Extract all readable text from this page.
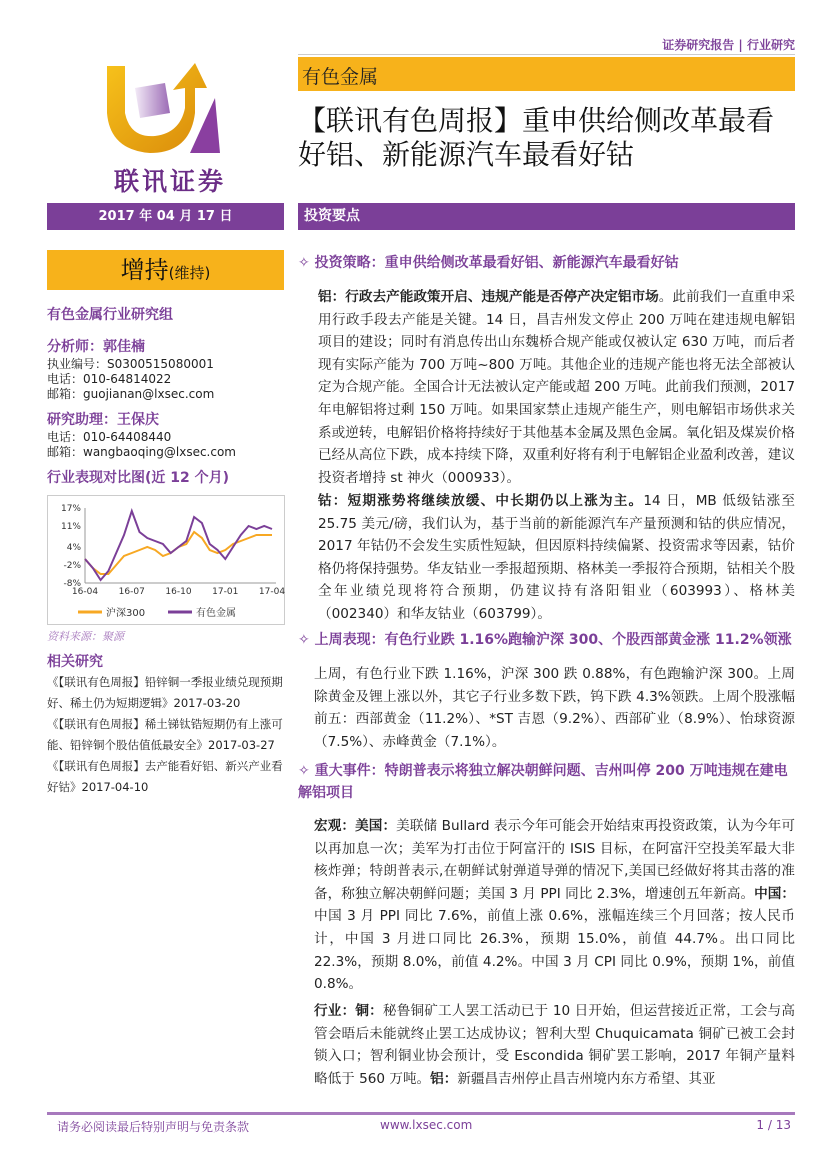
证券研究报告 | 行业研究
联讯证券
有色金属
【联讯有色周报】重申供给侧改革最看好铝、新能源汽车最看好钴
2017 年 04 月 17 日	投资要点
增持(维持)
有色金属行业研究组
分析师：郭佳楠
执业编号：S0300515080001
电话：010-64814022
邮箱：guojianan@lxsec.com
研究助理：王保庆
电话：010-64408440
邮箱：wangbaoqing@lxsec.com
行业表现对比图(近 12 个月)
17%
11%
4%
-2%
-8%
16-04 16-07 16-10 17-01 17-04
沪深300	有色金属
资料来源：聚源
相关研究
《【联讯有色周报】铅锌铜一季报业绩兑现预期好、稀土仍为短期逻辑》2017-03-20
《【联讯有色周报】稀土锑钛锆短期仍有上涨可能、铅锌铜个股估值低最安全》2017-03-27
《【联讯有色周报】去产能看好铝、新兴产业看好钴》2017-04-10
✧ 投资策略：重申供给侧改革最看好铝、新能源汽车最看好钴
铝：行政去产能政策开启、违规产能是否停产决定铝市场。此前我们一直重申采用行政手段去产能是关键。14 日，昌吉州发文停止 200 万吨在建违规电解铝项目的建设；同时有消息传出山东魏桥合规产能或仅被认定 630 万吨，而后者现有实际产能为 700 万吨~800 万吨。其他企业的违规产能也将无法全部被认定为合规产能。全国合计无法被认定产能或超 200 万吨。此前我们预测，2017 年电解铝将过剩 150 万吨。如果国家禁止违规产能生产，则电解铝市场供求关系或逆转，电解铝价格将持续好于其他基本金属及黑色金属。氧化铝及煤炭价格已经从高位下跌，成本持续下降，双重利好将有利于电解铝企业盈利改善，建议投资者增持 st 神火（000933）。
钴：短期涨势将继续放缓、中长期仍以上涨为主。14 日，MB 低级钴涨至 25.75 美元/磅，我们认为，基于当前的新能源汽车产量预测和钴的供应情况，2017 年钴仍不会发生实质性短缺，但因原料持续偏紧、投资需求等因素，钴价格仍将保持强势。华友钴业一季报超预期、格林美一季报符合预期，钴相关个股全年业绩兑现将符合预期，仍建议持有洛阳钼业（603993）、格林美（002340）和华友钴业（603799）。
✧ 上周表现：有色行业跌 1.16%跑输沪深 300、个股西部黄金涨 11.2%领涨
上周，有色行业下跌 1.16%，沪深 300 跌 0.88%，有色跑输沪深 300。上周除黄金及锂上涨以外，其它子行业多数下跌，钨下跌 4.3%领跌。上周个股涨幅前五：西部黄金（11.2%）、*ST 吉恩（9.2%）、西部矿业（8.9%）、怡球资源（7.5%）、赤峰黄金（7.1%）。
✧ 重大事件：特朗普表示将独立解决朝鲜问题、吉州叫停 200 万吨违规在建电解铝项目
宏观：美国：美联储 Bullard 表示今年可能会开始结束再投资政策，认为今年可以再加息一次；美军为打击位于阿富汗的 ISIS 目标，在阿富汗空投美军最大非核炸弹；特朗普表示,在朝鲜试射弹道导弹的情况下,美国已经做好将其击落的准备，称独立解决朝鲜问题；美国 3 月 PPI 同比 2.3%，增速创五年新高。中国：中国 3 月 PPI 同比 7.6%，前值上涨 0.6%，涨幅连续三个月回落；按人民币计，中国 3 月进口同比 26.3%，预期 15.0%，前值 44.7%。出口同比 22.3%，预期 8.0%，前值 4.2%。中国 3 月 CPI 同比 0.9%，预期 1%，前值 0.8%。
行业：铜：秘鲁铜矿工人罢工活动已于 10 日开始，但运营接近正常，工会与高管会晤后未能就终止罢工达成协议；智利大型 Chuquicamata 铜矿已被工会封锁入口；智利铜业协会预计，受 Escondida 铜矿罢工影响，2017 年铜产量料略低于 560 万吨。铝：新疆昌吉州停止昌吉州境内东方希望、其亚
请务必阅读最后特别声明与免责条款	www.lxsec.com	1 / 13
